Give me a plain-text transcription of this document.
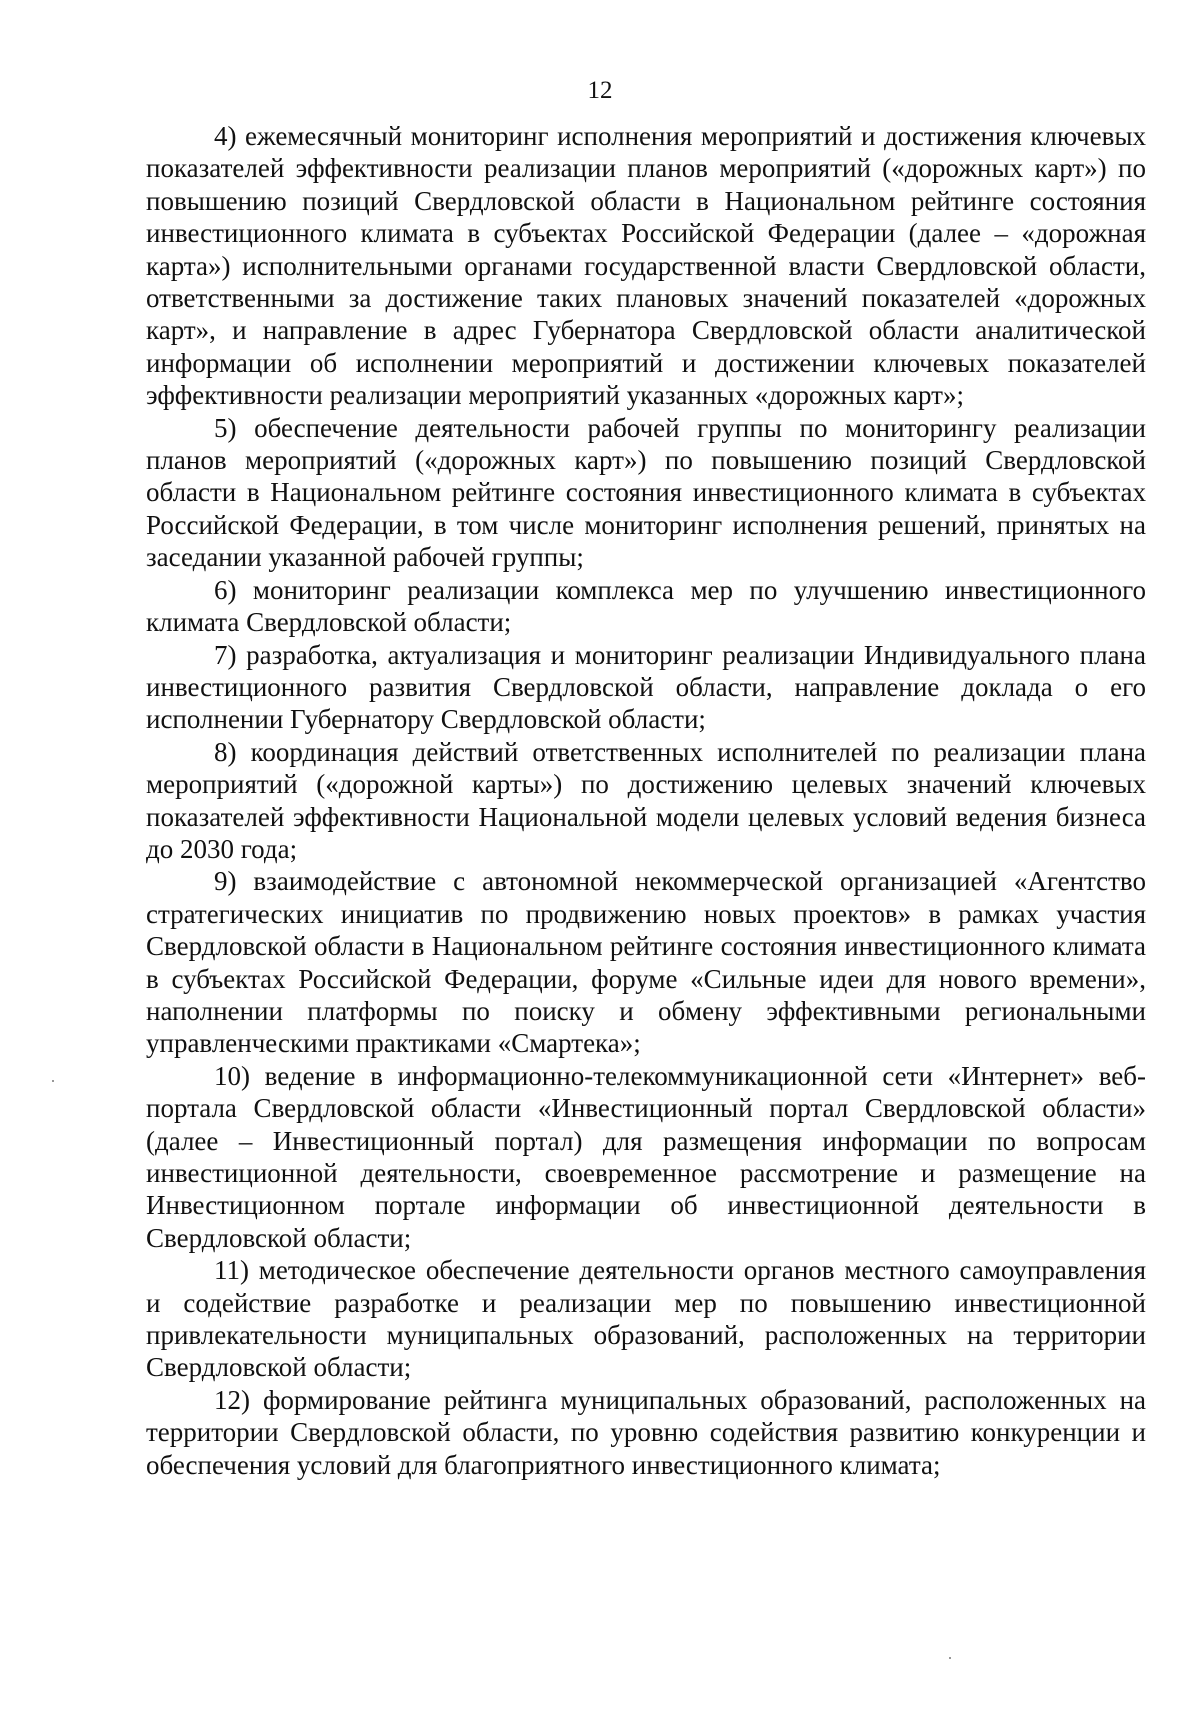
12

4) ежемесячный мониторинг исполнения мероприятий и достижения ключевых показателей эффективности реализации планов мероприятий («дорожных карт») по повышению позиций Свердловской области в Национальном рейтинге состояния инвестиционного климата в субъектах Российской Федерации (далее – «дорожная карта») исполнительными органами государственной власти Свердловской области, ответственными за достижение таких плановых значений показателей «дорожных карт», и направление в адрес Губернатора Свердловской области аналитической информации об исполнении мероприятий и достижении ключевых показателей эффективности реализации мероприятий указанных «дорожных карт»;

5) обеспечение деятельности рабочей группы по мониторингу реализации планов мероприятий («дорожных карт») по повышению позиций Свердловской области в Национальном рейтинге состояния инвестиционного климата в субъектах Российской Федерации, в том числе мониторинг исполнения решений, принятых на заседании указанной рабочей группы;

6) мониторинг реализации комплекса мер по улучшению инвестиционного климата Свердловской области;

7) разработка, актуализация и мониторинг реализации Индивидуального плана инвестиционного развития Свердловской области, направление доклада о его исполнении Губернатору Свердловской области;

8) координация действий ответственных исполнителей по реализации плана мероприятий («дорожной карты») по достижению целевых значений ключевых показателей эффективности Национальной модели целевых условий ведения бизнеса до 2030 года;

9) взаимодействие с автономной некоммерческой организацией «Агентство стратегических инициатив по продвижению новых проектов» в рамках участия Свердловской области в Национальном рейтинге состояния инвестиционного климата в субъектах Российской Федерации, форуме «Сильные идеи для нового времени», наполнении платформы по поиску и обмену эффективными региональными управленческими практиками «Смартека»;

10) ведение в информационно-телекоммуникационной сети «Интернет» веб-портала Свердловской области «Инвестиционный портал Свердловской области» (далее – Инвестиционный портал) для размещения информации по вопросам инвестиционной деятельности, своевременное рассмотрение и размещение на Инвестиционном портале информации об инвестиционной деятельности в Свердловской области;

11) методическое обеспечение деятельности органов местного самоуправления и содействие разработке и реализации мер по повышению инвестиционной привлекательности муниципальных образований, расположенных на территории Свердловской области;

12) формирование рейтинга муниципальных образований, расположенных на территории Свердловской области, по уровню содействия развитию конкуренции и обеспечения условий для благоприятного инвестиционного климата;
